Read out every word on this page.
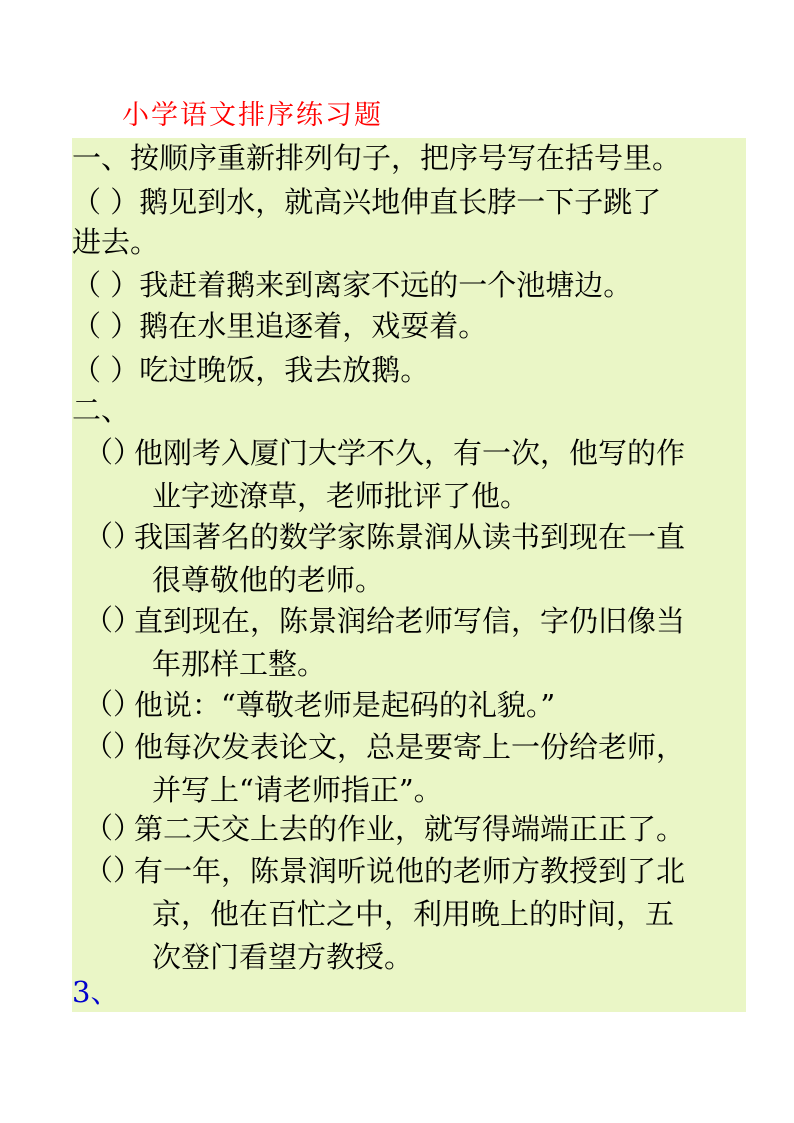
小学语文排序练习题
一、按顺序重新排列句子，把序号写在括号里。
（ ）鹅见到水，就高兴地伸直长脖一下子跳了
进去。
（ ）我赶着鹅来到离家不远的一个池塘边。
（ ）鹅在水里追逐着，戏耍着。
（ ）吃过晚饭，我去放鹅。
二、
（）
他刚考入厦门大学不久，有一次，他写的作
业字迹潦草，老师批评了他。
（）
我国著名的数学家陈景润从读书到现在一直
很尊敬他的老师。
（）
直到现在，陈景润给老师写信，字仍旧像当
年那样工整。
（）
他说：“尊敬老师是起码的礼貌。”
（）
他每次发表论文，总是要寄上一份给老师，
并写上“请老师指正”。
（）
第二天交上去的作业，就写得端端正正了。
（）
有一年，陈景润听说他的老师方教授到了北
京，他在百忙之中，利用晚上的时间，五
次登门看望方教授。
3、
